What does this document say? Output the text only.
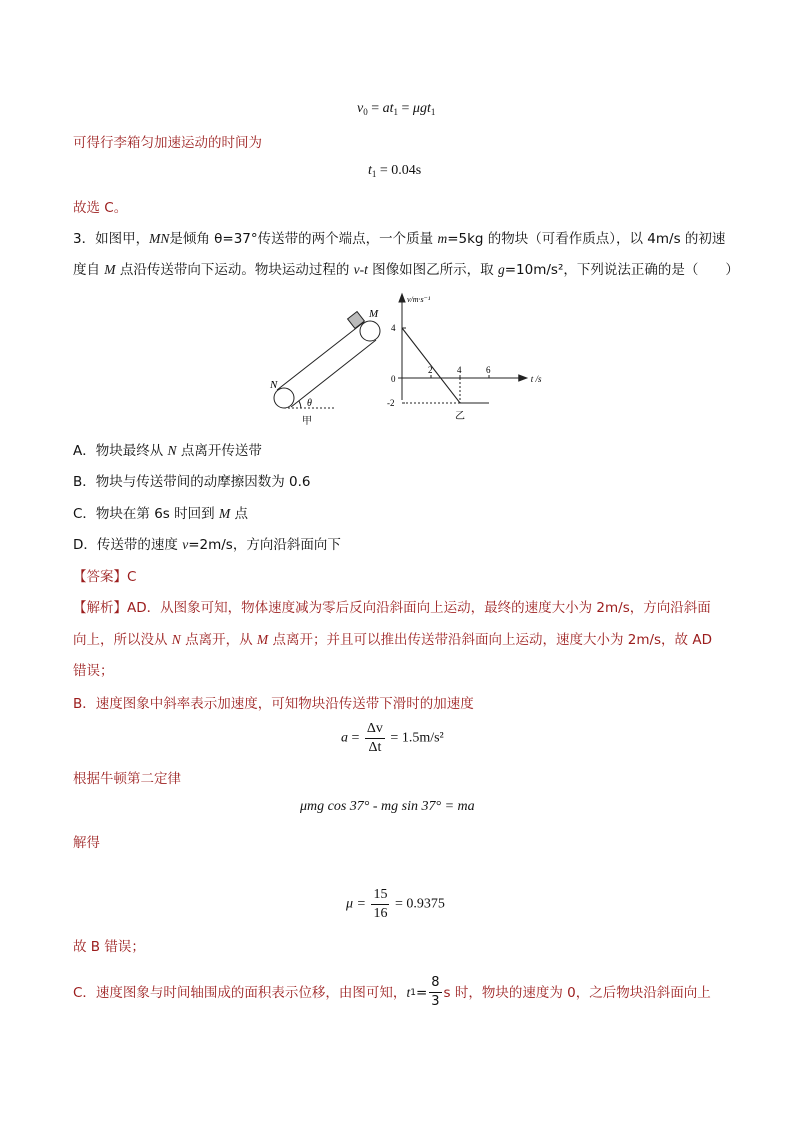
$v_0 = at_1 = \mu gt_1$
可得行李箱匀加速运动的时间为
$t_1 = 0.04s$
故选 C。
3．如图甲，MN是倾角 θ=37°传送带的两个端点，一个质量 m=5kg 的物块（可看作质点），以 4m/s 的初速
度自 M 点沿传送带向下运动。物块运动过程的 v-t 图像如图乙所示，取 g=10m/s²，下列说法正确的是（　　）
M
N
θ
甲
v/m·s⁻¹
t /s
0
2	4	6
4
-2
乙
A．物块最终从 N 点离开传送带
B．物块与传送带间的动摩擦因数为 0.6
C．物块在第 6s 时回到 M 点
D．传送带的速度 v=2m/s，方向沿斜面向下
【答案】C
【解析】AD．从图象可知，物体速度减为零后反向沿斜面向上运动，最终的速度大小为 2m/s，方向沿斜面
向上，所以没从 N 点离开，从 M 点离开；并且可以推出传送带沿斜面向上运动，速度大小为 2m/s，故 AD
错误；
B．速度图象中斜率表示加速度，可知物块沿传送带下滑时的加速度
$a = \frac{\Delta v}{\Delta t} = 1.5m/s^2$
根据牛顿第二定律
μmg cos 37° - mg sin 37° = ma
解得
$\mu = \frac{15}{16} = 0.9375$
故 B 错误；
C．速度图象与时间轴围成的面积表示位移，由图可知， t $1 = \frac{8}{3}$ s 时，物块的速度为 0，之后物块沿斜面向上
